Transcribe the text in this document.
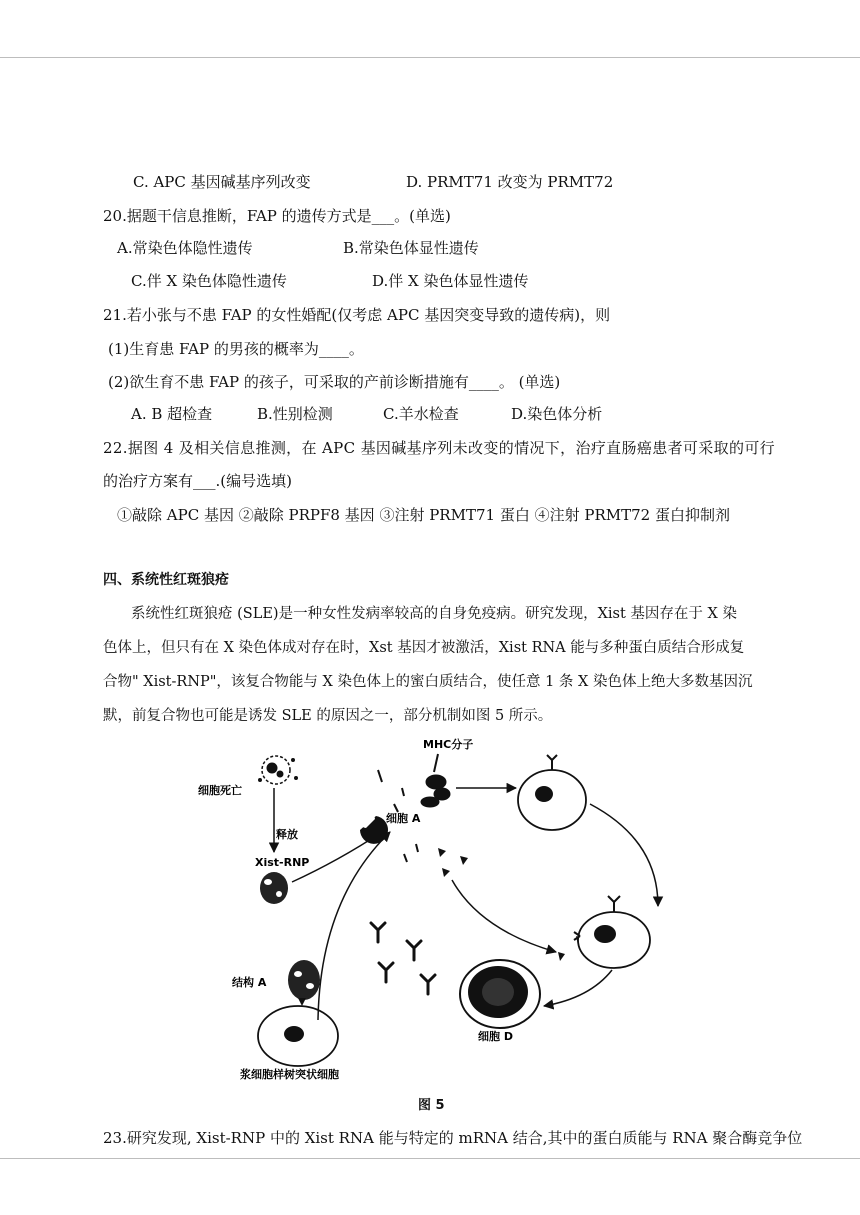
C. APC 基因碱基序列改变	D. PRMT71 改变为 PRMT72
20.据题干信息推断，FAP 的遗传方式是___。(单选)
A.常染色体隐性遗传	B.常染色体显性遗传
C.伴 X 染色体隐性遗传	D.伴 X 染色体显性遗传
21.若小张与不患 FAP 的女性婚配(仅考虑 APC 基因突变导致的遗传病)，则
(1)生育患 FAP 的男孩的概率为____。
(2)欲生育不患 FAP 的孩子，可采取的产前诊断措施有____。 (单选)
A. B 超检查	B.性别检测	C.羊水检查	D.染色体分析
22.据图 4 及相关信息推测，在 APC 基因碱基序列未改变的情况下，治疗直肠癌患者可采取的可行
的治疗方案有___.(编号选填)
①敲除 APC 基因 ②敲除 PRPF8 基因 ③注射 PRMT71 蛋白 ④注射 PRMT72 蛋白抑制剂
四、系统性红斑狼疮
系统性红斑狼疮 (SLE)是一种女性发病率较高的自身免疫病。研究发现，Xist 基因存在于 X 染
色体上，但只有在 X 染色体成对存在时，Xst 基因才被激活，Xist RNA 能与多种蛋白质结合形成复
合物" Xist-RNP"，该复合物能与 X 染色体上的蜜白质结合，使任意 1 条 X 染色体上绝大多数基因沉
默，前复合物也可能是诱发 SLE 的原因之一，部分机制如图 5 所示。
MHC分子
细胞死亡
释放
Xist-RNP
细胞 A
细胞 D
结构 A
浆细胞样树突状细胞
图 5
23.研究发现, Xist-RNP 中的 Xist RNA 能与特定的 mRNA 结合,其中的蛋白质能与 RNA 聚合酶竞争位
